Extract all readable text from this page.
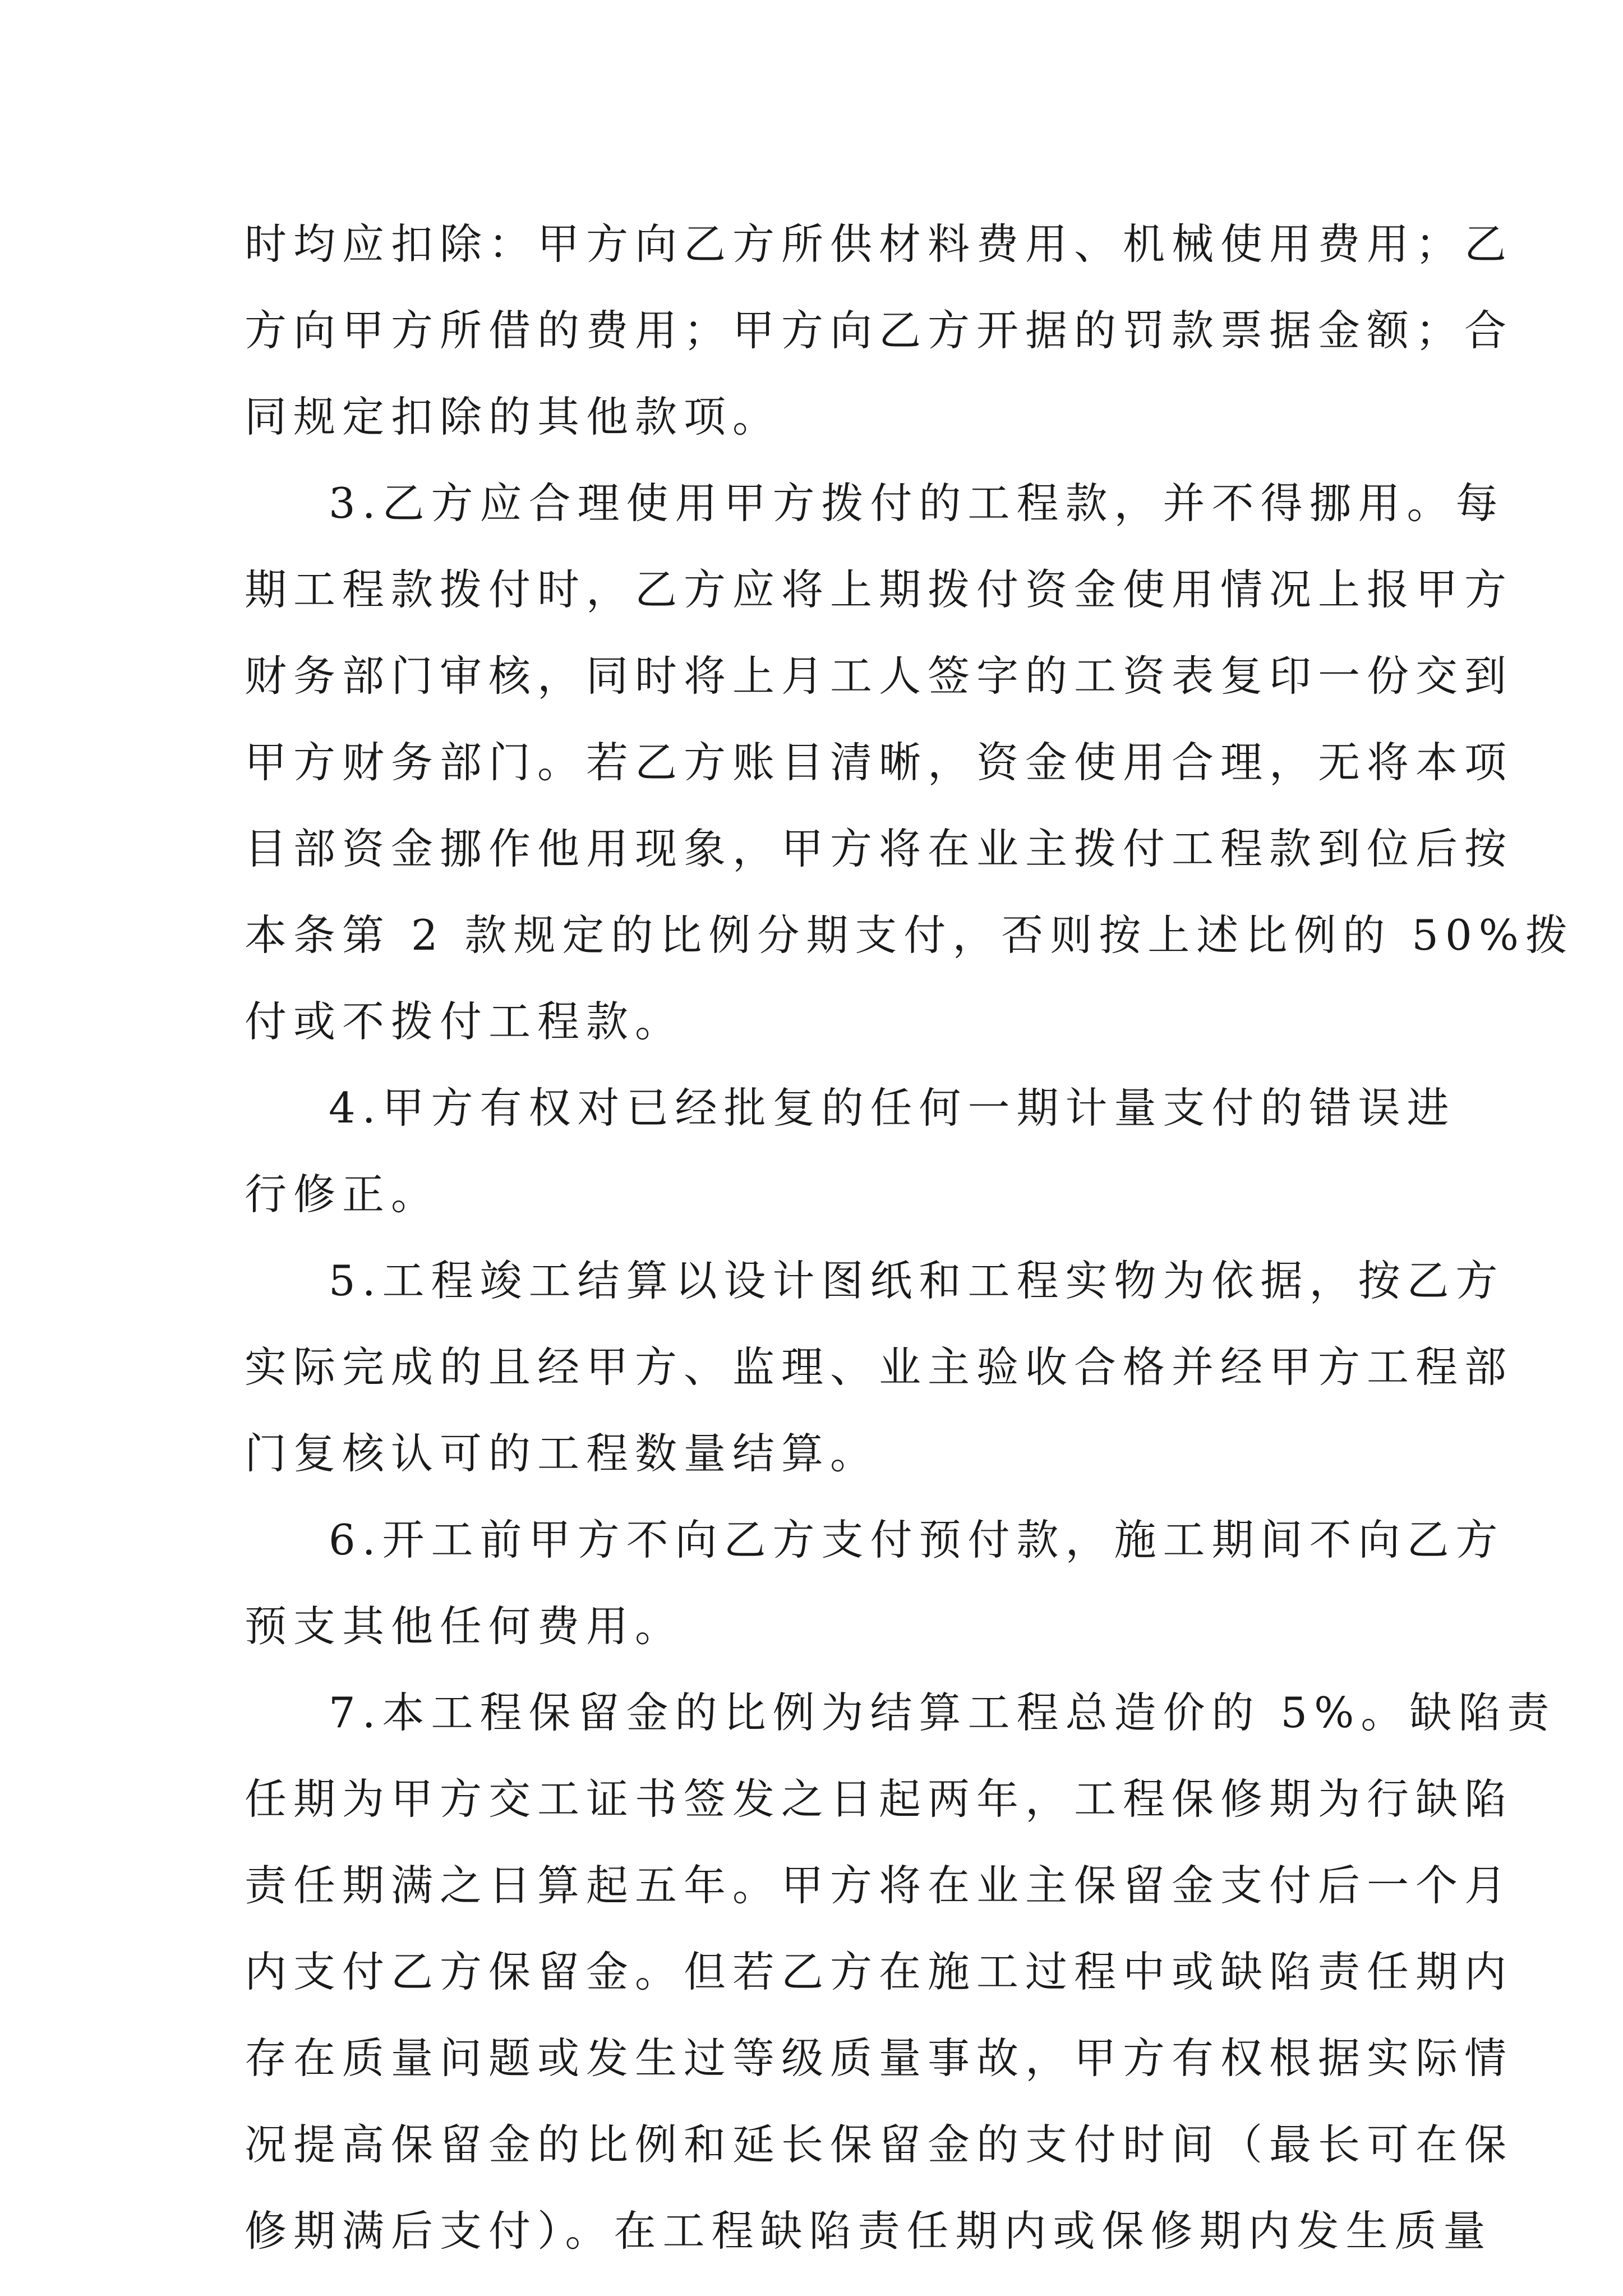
时均应扣除：甲方向乙方所供材料费用、机械使用费用；乙
方向甲方所借的费用；甲方向乙方开据的罚款票据金额；合
同规定扣除的其他款项。
3.乙方应合理使用甲方拨付的工程款，并不得挪用。每
期工程款拨付时，乙方应将上期拨付资金使用情况上报甲方
财务部门审核，同时将上月工人签字的工资表复印一份交到
甲方财务部门。若乙方账目清晰，资金使用合理，无将本项
目部资金挪作他用现象，甲方将在业主拨付工程款到位后按
本条第 2 款规定的比例分期支付，否则按上述比例的 50%拨
付或不拨付工程款。
4.甲方有权对已经批复的任何一期计量支付的错误进
行修正。
5.工程竣工结算以设计图纸和工程实物为依据，按乙方
实际完成的且经甲方、监理、业主验收合格并经甲方工程部
门复核认可的工程数量结算。
6.开工前甲方不向乙方支付预付款，施工期间不向乙方
预支其他任何费用。
7.本工程保留金的比例为结算工程总造价的 5%。缺陷责
任期为甲方交工证书签发之日起两年，工程保修期为行缺陷
责任期满之日算起五年。甲方将在业主保留金支付后一个月
内支付乙方保留金。但若乙方在施工过程中或缺陷责任期内
存在质量问题或发生过等级质量事故，甲方有权根据实际情
况提高保留金的比例和延长保留金的支付时间（最长可在保
修期满后支付）。在工程缺陷责任期内或保修期内发生质量
